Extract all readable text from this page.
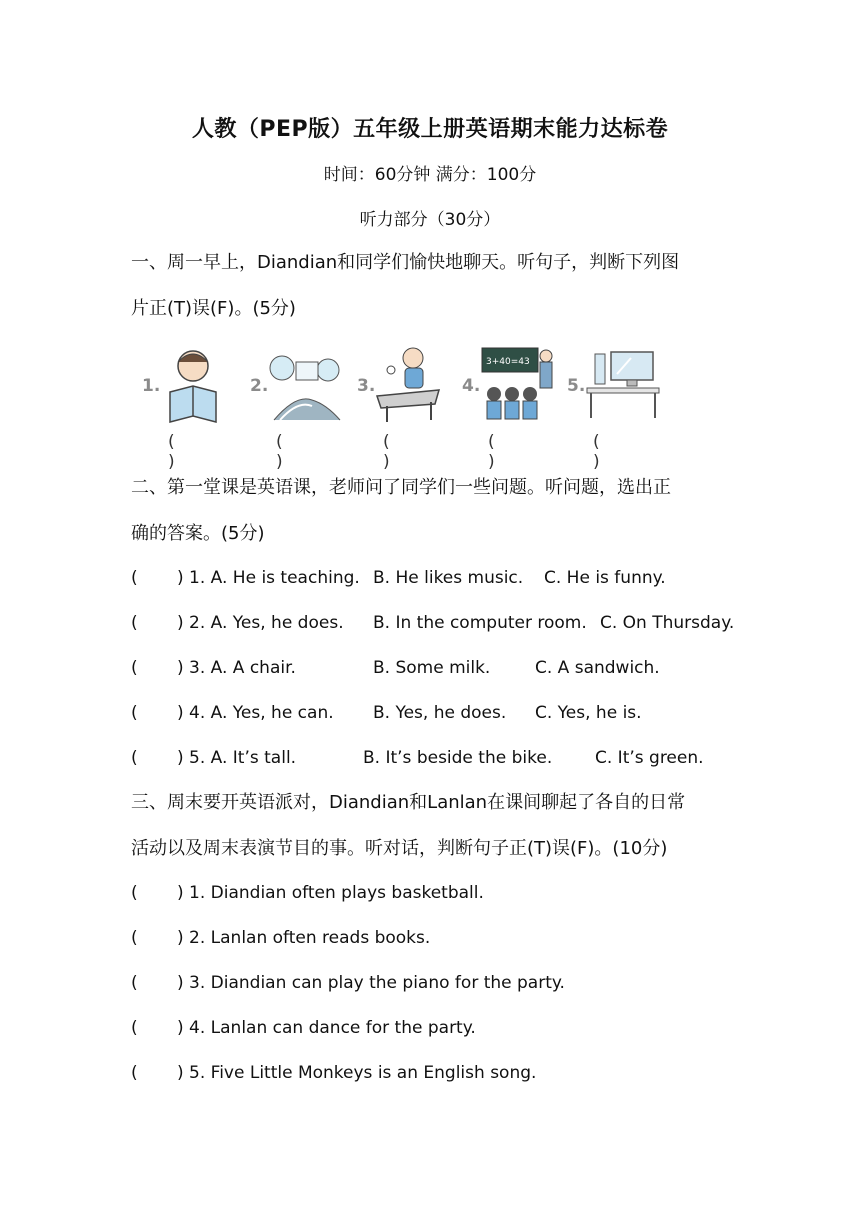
人教（PEP版）五年级上册英语期末能力达标卷
时间：60分钟 满分：100分
听力部分（30分）
一、周一早上，Diandian和同学们愉快地聊天。听句子，判断下列图
片正(T)误(F)。(5分)
1.
( )
2.
( )
3.
( )
4.
3+40=43
( )
5.
( )
二、第一堂课是英语课，老师问了同学们一些问题。听问题，选出正
确的答案。(5分)
( ) 1. A. He is teaching. B. He likes music. C. He is funny.
( ) 2. A. Yes, he does. B. In the computer room. C. On Thursday.
( ) 3. A. A chair.	B. Some milk.	C. A sandwich.
( ) 4. A. Yes, he can. B. Yes, he does. C. Yes, he is.
( ) 5. A. It’s tall.	B. It’s beside the bike.	C. It’s green.
三、周末要开英语派对，Diandian和Lanlan在课间聊起了各自的日常
活动以及周末表演节目的事。听对话，判断句子正(T)误(F)。(10分)
( ) 1. Diandian often plays basketball.
( ) 2. Lanlan often reads books.
( ) 3. Diandian can play the piano for the party.
( ) 4. Lanlan can dance for the party.
( ) 5. Five Little Monkeys is an English song.
